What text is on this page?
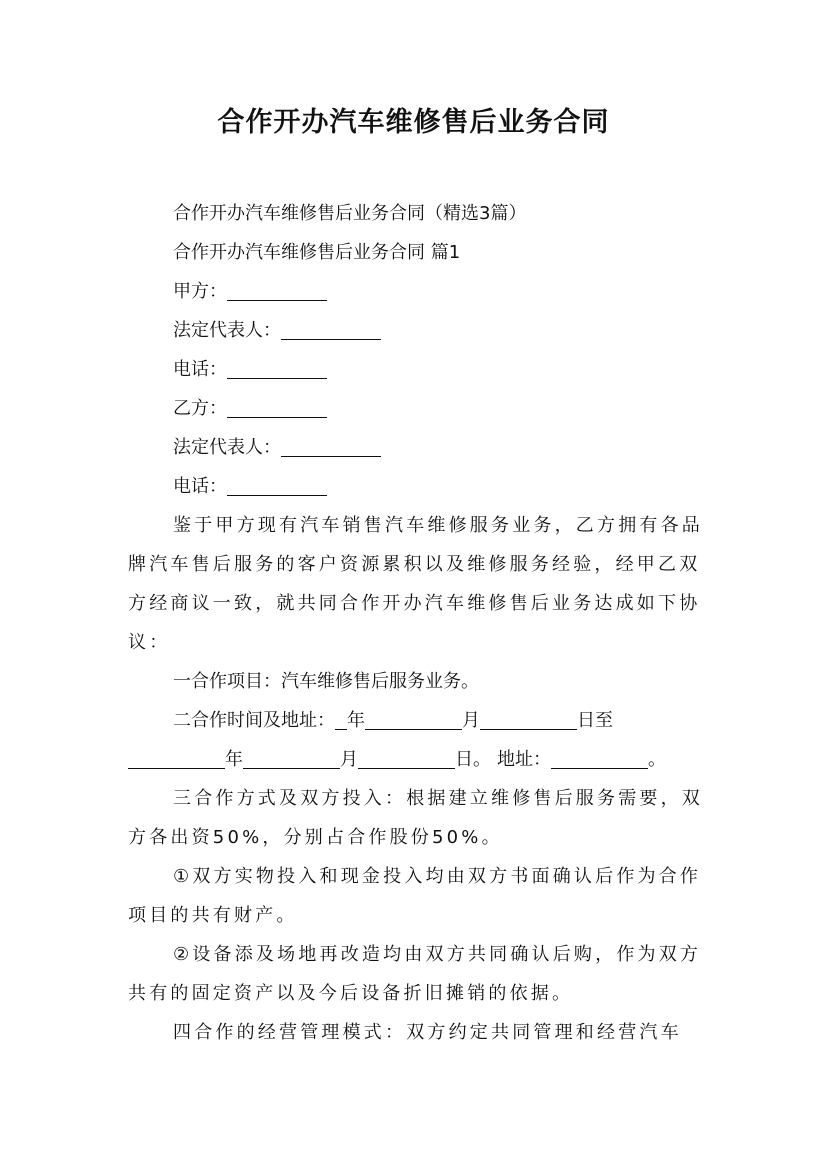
合作开办汽车维修售后业务合同
合作开办汽车维修售后业务合同（精选3篇）
合作开办汽车维修售后业务合同 篇1
甲方：
法定代表人：
电话：
乙方：
法定代表人：
电话：
鉴于甲方现有汽车销售汽车维修服务业务，乙方拥有各品牌汽车售后服务的客户资源累积以及维修服务经验，经甲乙双方经商议一致，就共同合作开办汽车维修售后业务达成如下协议：
一合作项目：汽车维修售后服务业务。
二合作时间及地址： 年	月	日至
年	月	日。 地址：	。
三合作方式及双方投入：根据建立维修售后服务需要，双方各出资50%，分别占合作股份50%。
①双方实物投入和现金投入均由双方书面确认后作为合作项目的共有财产。
②设备添及场地再改造均由双方共同确认后购，作为双方共有的固定资产以及今后设备折旧摊销的依据。
四合作的经营管理模式：双方约定共同管理和经营汽车
